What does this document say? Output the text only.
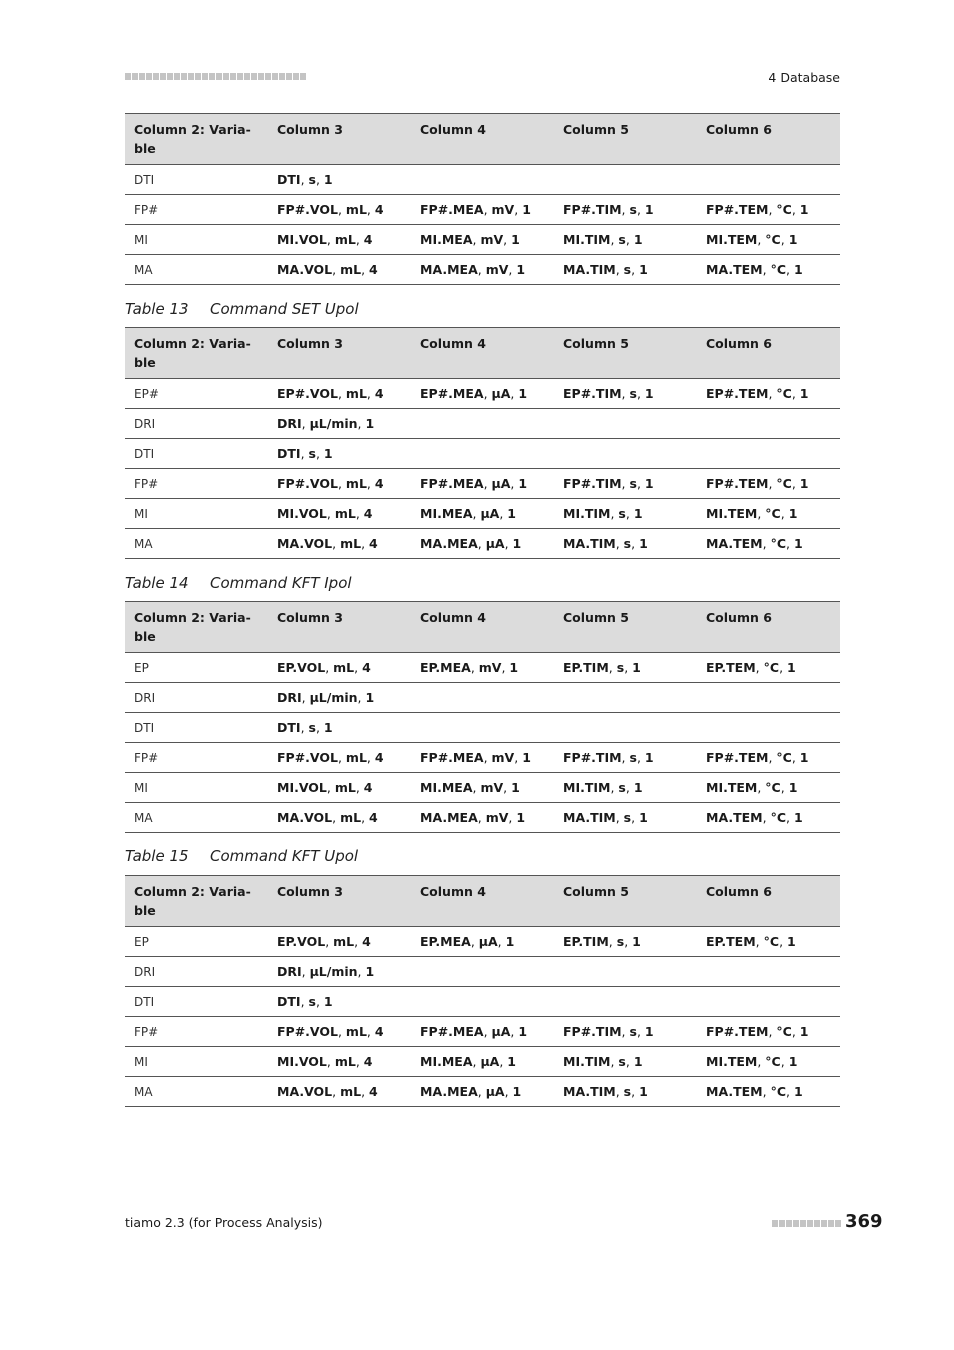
4 Database
Column 2: Varia-
ble	Column 3	Column 4	Column 5	Column 6

DTI	DTI, s, 1			
FP#	FP#.VOL, mL, 4	FP#.MEA, mV, 1	FP#.TIM, s, 1	FP#.TEM, °C, 1
MI	MI.VOL, mL, 4	MI.MEA, mV, 1	MI.TIM, s, 1	MI.TEM, °C, 1
MA	MA.VOL, mL, 4	MA.MEA, mV, 1	MA.TIM, s, 1	MA.TEM, °C, 1
Table 13 Command SET Upol
Column 2: Varia-
ble	Column 3	Column 4	Column 5	Column 6

EP#	EP#.VOL, mL, 4	EP#.MEA, µA, 1	EP#.TIM, s, 1	EP#.TEM, °C, 1
DRI	DRI, µL/min, 1			
DTI	DTI, s, 1			
FP#	FP#.VOL, mL, 4	FP#.MEA, µA, 1	FP#.TIM, s, 1	FP#.TEM, °C, 1
MI	MI.VOL, mL, 4	MI.MEA, µA, 1	MI.TIM, s, 1	MI.TEM, °C, 1
MA	MA.VOL, mL, 4	MA.MEA, µA, 1	MA.TIM, s, 1	MA.TEM, °C, 1
Table 14 Command KFT Ipol
Column 2: Varia-
ble	Column 3	Column 4	Column 5	Column 6

EP	EP.VOL, mL, 4	EP.MEA, mV, 1	EP.TIM, s, 1	EP.TEM, °C, 1
DRI	DRI, µL/min, 1			
DTI	DTI, s, 1			
FP#	FP#.VOL, mL, 4	FP#.MEA, mV, 1	FP#.TIM, s, 1	FP#.TEM, °C, 1
MI	MI.VOL, mL, 4	MI.MEA, mV, 1	MI.TIM, s, 1	MI.TEM, °C, 1
MA	MA.VOL, mL, 4	MA.MEA, mV, 1	MA.TIM, s, 1	MA.TEM, °C, 1
Table 15 Command KFT Upol
Column 2: Varia-
ble	Column 3	Column 4	Column 5	Column 6

EP	EP.VOL, mL, 4	EP.MEA, µA, 1	EP.TIM, s, 1	EP.TEM, °C, 1
DRI	DRI, µL/min, 1			
DTI	DTI, s, 1			
FP#	FP#.VOL, mL, 4	FP#.MEA, µA, 1	FP#.TIM, s, 1	FP#.TEM, °C, 1
MI	MI.VOL, mL, 4	MI.MEA, µA, 1	MI.TIM, s, 1	MI.TEM, °C, 1
MA	MA.VOL, mL, 4	MA.MEA, µA, 1	MA.TIM, s, 1	MA.TEM, °C, 1
tiamo 2.3 (for Process Analysis)	369
